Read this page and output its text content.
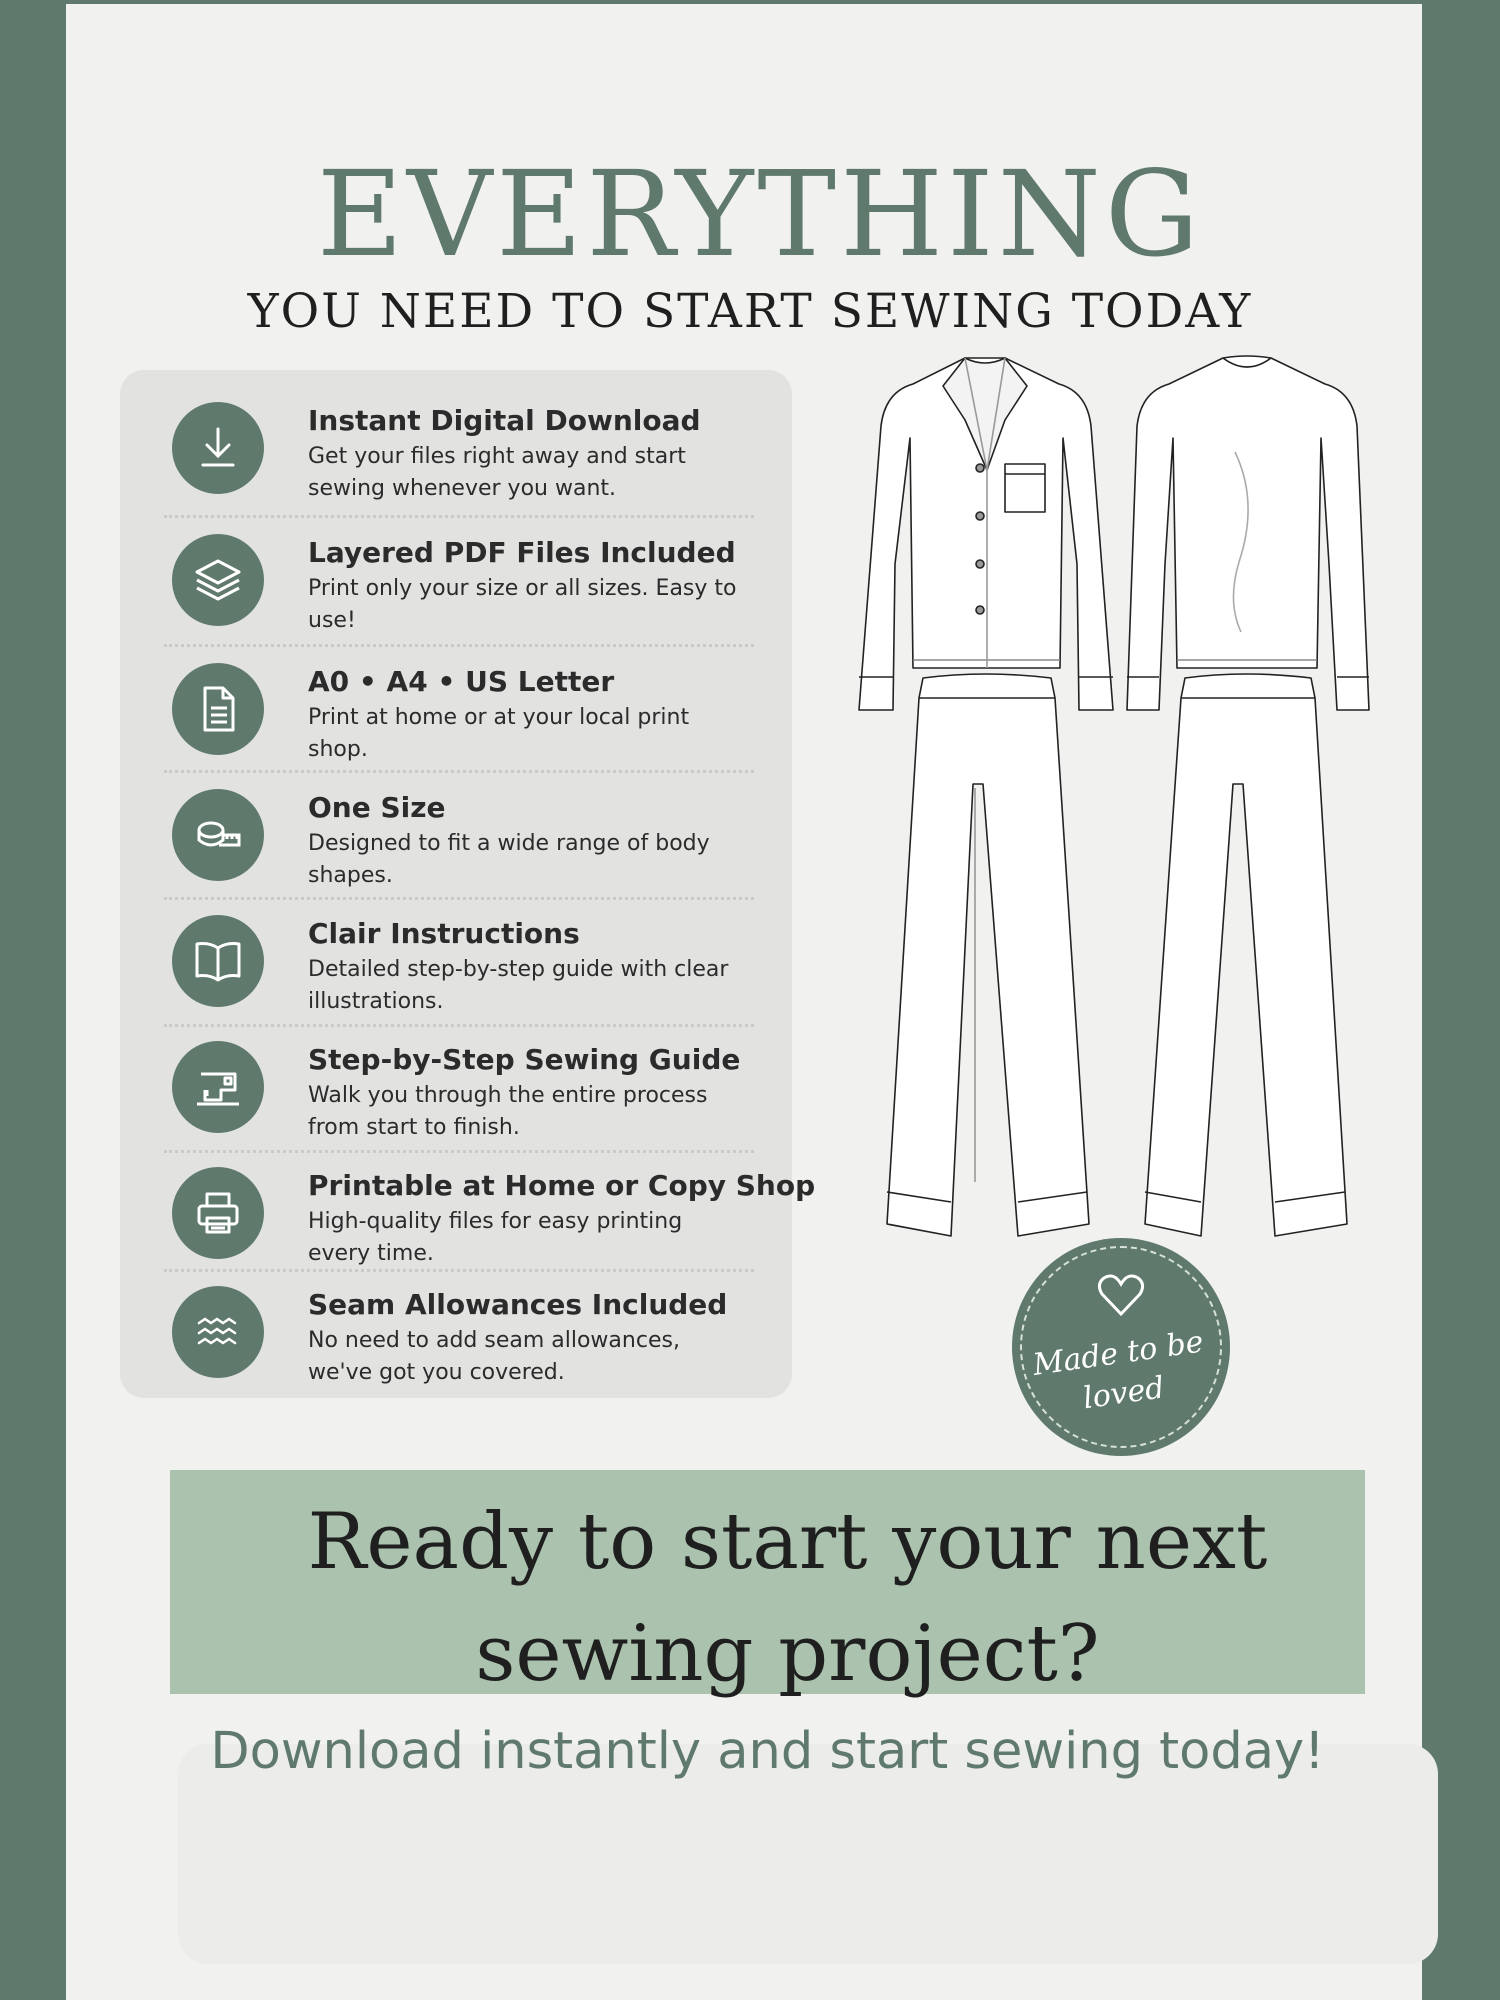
EVERYTHING
YOU NEED TO START SEWING TODAY
Instant Digital Download
Get your files right away and start sewing whenever you want.
Layered PDF Files Included
Print only your size or all sizes. Easy to use!
A0 • A4 • US Letter
Print at home or at your local print shop.
One Size
Designed to fit a wide range of body shapes.
Clair Instructions
Detailed step-by-step guide with clear illustrations.
Step-by-Step Sewing Guide
Walk you through the entire process from start to finish.
Printable at Home or Copy Shop
High-quality files for easy printing every time.
Seam Allowances Included
No need to add seam allowances, we've got you covered.	Made to be loved
Ready to start your next sewing project?
Download instantly and start sewing today!
